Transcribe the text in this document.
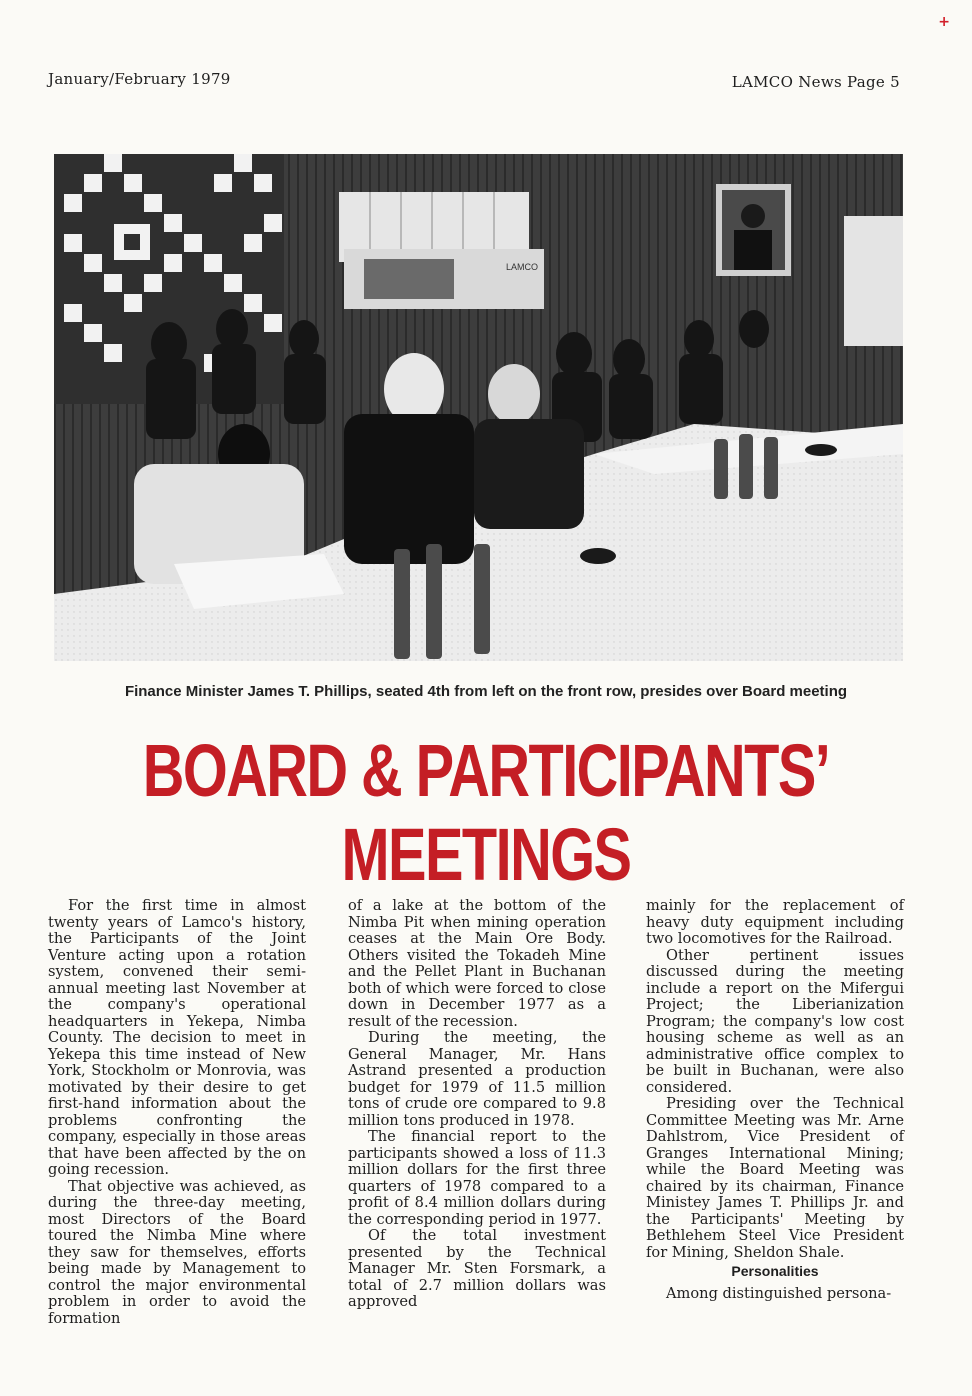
+
January/February 1979	LAMCO News Page 5
LAMCO
Finance Minister James T. Phillips, seated 4th from left on the front row, presides over Board meeting
BOARD & PARTICIPANTS’
MEETINGS

For the first time in almost twenty years of Lamco's history, the Participants of the Joint Venture acting upon a rotation system, convened their semi-annual meeting last November at the company's operational headquarters in Yekepa, Nimba County. The decision to meet in Yekepa this time instead of New York, Stockholm or Monrovia, was motivated by their desire to get first-hand information about the problems confronting the company, especially in those areas that have been affected by the on going recession.

That objective was achieved, as during the three-day meeting, most Directors of the Board toured the Nimba Mine where they saw for themselves, efforts being made by Management to control the major environmental problem in order to avoid the formation

of a lake at the bottom of the Nimba Pit when mining operation ceases at the Main Ore Body. Others visited the Tokadeh Mine and the Pellet Plant in Buchanan both of which were forced to close down in December 1977 as a result of the recession.

During the meeting, the General Manager, Mr. Hans Astrand presented a production budget for 1979 of 11.5 million tons of crude ore compared to 9.8 million tons produced in 1978.

The financial report to the participants showed a loss of 11.3 million dollars for the first three quarters of 1978 compared to a profit of 8.4 million dollars during the corresponding period in 1977.

Of the total investment presented by the Technical Manager Mr. Sten Forsmark, a total of 2.7 million dollars was approved

mainly for the replacement of heavy duty equipment including two locomotives for the Railroad.

Other pertinent issues discussed during the meeting include a report on the Mifergui Project; the Liberianization Program; the company's low cost housing scheme as well as an administrative office complex to be built in Buchanan, were also considered.

Presiding over the Technical Committee Meeting was Mr. Arne Dahlstrom, Vice President of Granges International Mining; while the Board Meeting was chaired by its chairman, Finance Ministey James T. Phillips Jr. and the Participants' Meeting by Bethlehem Steel Vice President for Mining, Sheldon Shale.

Personalities

Among distinguished persona-
